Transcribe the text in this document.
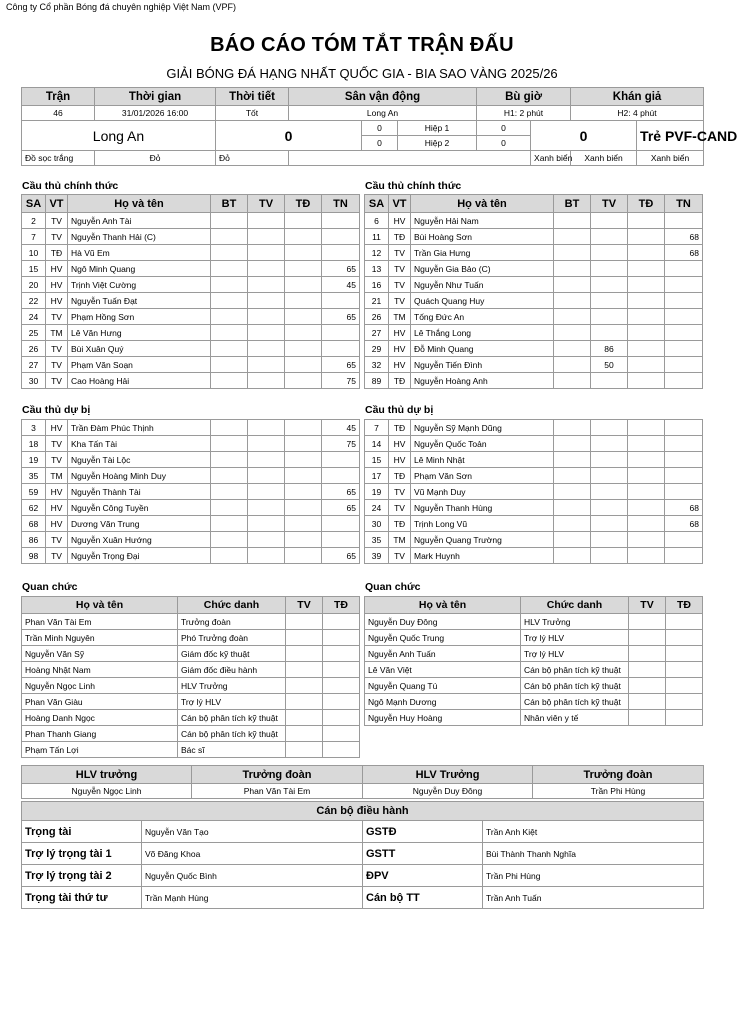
Công ty Cổ phần Bóng đá chuyên nghiệp Việt Nam (VPF)
BÁO CÁO TÓM TẮT TRẬN ĐẤU
GIẢI BÓNG ĐÁ HẠNG NHẤT QUỐC GIA - BIA SAO VÀNG 2025/26
Trận	Thời gian	Thời tiết	Sân vận động			Bù giờ		Khán giả		
46	31/01/2026 16:00	Tốt	Long An			H1: 2 phút		H2: 4 phút	
Long An		0		0	Hiệp 1	0	0		Trẻ PVF-CAND	
				0	Hiệp 2	0				
Đồ sọc trắng	Đỏ	Đỏ					Xanh biển	Xanh biển	Xanh biển	
Cầu thủ chính thức	Cầu thủ chính thức
Cầu thủ dự bị	Cầu thủ dự bị
Quan chức	Quan chức
SA	VT	Họ và tên	BT	TV	TĐ	TN
2	TV	Nguyễn Anh Tài				
7	TV	Nguyễn Thanh Hải (C)				
10	TĐ	Hà Vũ Em				
15	HV	Ngô Minh Quang				65
20	HV	Trịnh Việt Cường				45
22	HV	Nguyễn Tuấn Đạt				
24	TV	Phạm Hồng Sơn				65
25	TM	Lê Văn Hưng				
26	TV	Bùi Xuân Quý				
27	TV	Phạm Văn Soạn				65
30	TV	Cao Hoàng Hải				75
SA	VT	Họ và tên	BT	TV	TĐ	TN
6	HV	Nguyễn Hải Nam				
11	TĐ	Bùi Hoàng Sơn				68
12	TV	Trần Gia Hưng				68
13	TV	Nguyễn Gia Bảo (C)				
16	TV	Nguyễn Như Tuấn				
21	TV	Quách Quang Huy				
26	TM	Tống Đức An				
27	HV	Lê Thắng Long				
29	HV	Đỗ Minh Quang		86		
32	HV	Nguyễn Tiến Đình		50		
89	TĐ	Nguyễn Hoàng Anh				
3	HV	Trần Đàm Phúc Thịnh				45
18	TV	Kha Tấn Tài				75
19	TV	Nguyễn Tài Lộc				
35	TM	Nguyễn Hoàng Minh Duy				
59	HV	Nguyễn Thành Tài				65
62	HV	Nguyễn Công Tuyền				65
68	HV	Dương Văn Trung				
86	TV	Nguyễn Xuân Hướng				
98	TV	Nguyễn Trọng Đại				65
7	TĐ	Nguyễn Sỹ Mạnh Dũng				
14	HV	Nguyễn Quốc Toản				
15	HV	Lê Minh Nhật				
17	TĐ	Phạm Văn Sơn				
19	TV	Vũ Mạnh Duy				
24	TV	Nguyễn Thanh Hùng				68
30	TĐ	Trịnh Long Vũ				68
35	TM	Nguyễn Quang Trường				
39	TV	Mark Huynh				
Họ và tên	Chức danh	TV	TĐ
Phan Văn Tài Em	Trưởng đoàn		
Trần Minh Nguyên	Phó Trưởng đoàn		
Nguyễn Văn Sỹ	Giám đốc kỹ thuật		
Hoàng Nhật Nam	Giám đốc điều hành		
Nguyễn Ngọc Linh	HLV Trưởng		
Phan Văn Giàu	Trợ lý HLV		
Hoàng Danh Ngọc	Cán bộ phân tích kỹ thuật		
Phan Thanh Giang	Cán bộ phân tích kỹ thuật		
Phạm Tấn Lợi	Bác sĩ		
Họ và tên	Chức danh	TV	TĐ
Nguyễn Duy Đông	HLV Trưởng		
Nguyễn Quốc Trung	Trợ lý HLV		
Nguyễn Anh Tuấn	Trợ lý HLV		
Lê Văn Việt	Cán bộ phân tích kỹ thuật		
Nguyễn Quang Tú	Cán bộ phân tích kỹ thuật		
Ngô Mạnh Dương	Cán bộ phân tích kỹ thuật		
Nguyễn Huy Hoàng	Nhân viên y tế		
HLV trưởng	Trưởng đoàn	HLV Trưởng	Trưởng đoàn
Nguyễn Ngọc Linh	Phan Văn Tài Em	Nguyễn Duy Đông	Trần Phi Hùng
Cán bộ điều hành			
Trọng tài	Nguyễn Văn Tạo	GSTĐ	Trần Anh Kiệt
Trợ lý trọng tài 1	Võ Đăng Khoa	GSTT	Bùi Thành Thanh Nghĩa
Trợ lý trọng tài 2	Nguyễn Quốc Bình	ĐPV	Trần Phi Hùng
Trọng tài thứ tư	Trần Mạnh Hùng	Cán bộ TT	Trần Anh Tuấn
